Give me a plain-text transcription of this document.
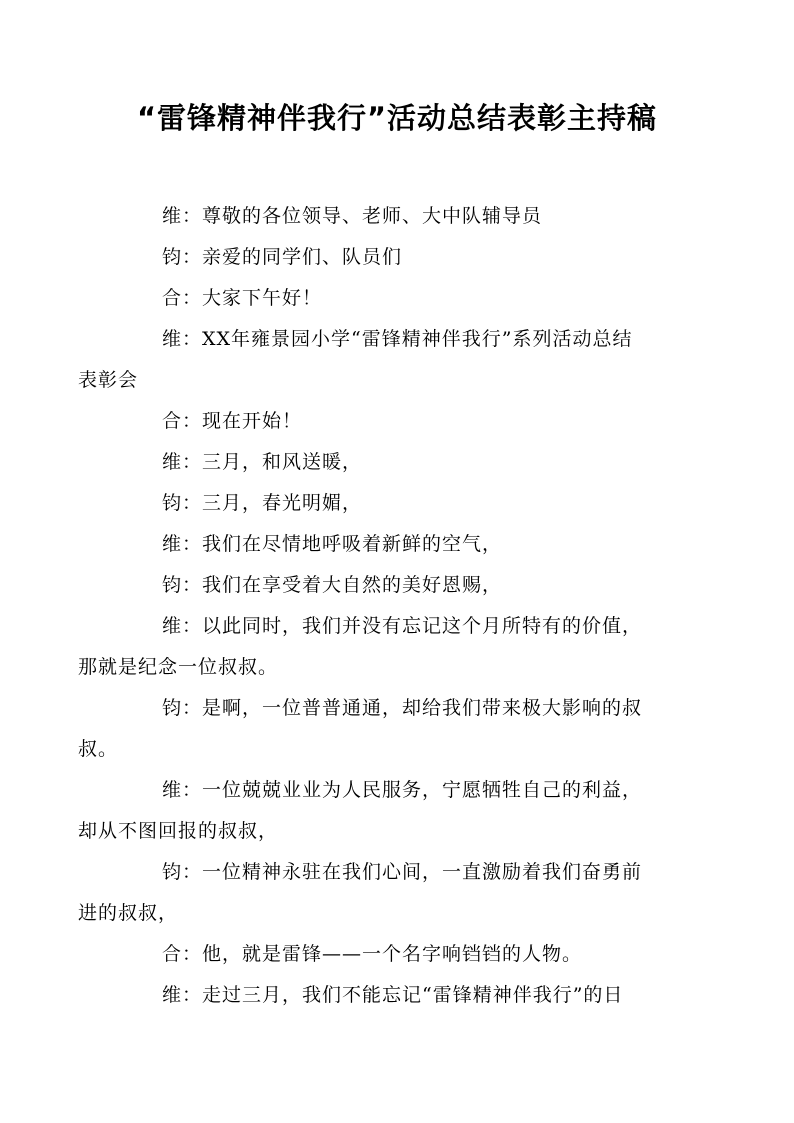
“雷锋精神伴我行”活动总结表彰主持稿

维：尊敬的各位领导、老师、大中队辅导员

钧：亲爱的同学们、队员们

合：大家下午好！

维：XX年雍景园小学“雷锋精神伴我行”系列活动总结
表彰会

合：现在开始！

维：三月，和风送暖，

钧：三月，春光明媚，

维：我们在尽情地呼吸着新鲜的空气，

钧：我们在享受着大自然的美好恩赐，

维：以此同时，我们并没有忘记这个月所特有的价值，
那就是纪念一位叔叔。

钧：是啊，一位普普通通，却给我们带来极大影响的叔
叔。

维：一位兢兢业业为人民服务，宁愿牺牲自己的利益，
却从不图回报的叔叔，

钧：一位精神永驻在我们心间，一直激励着我们奋勇前
进的叔叔，

合：他，就是雷锋——一个名字响铛铛的人物。

维：走过三月，我们不能忘记“雷锋精神伴我行”的日
